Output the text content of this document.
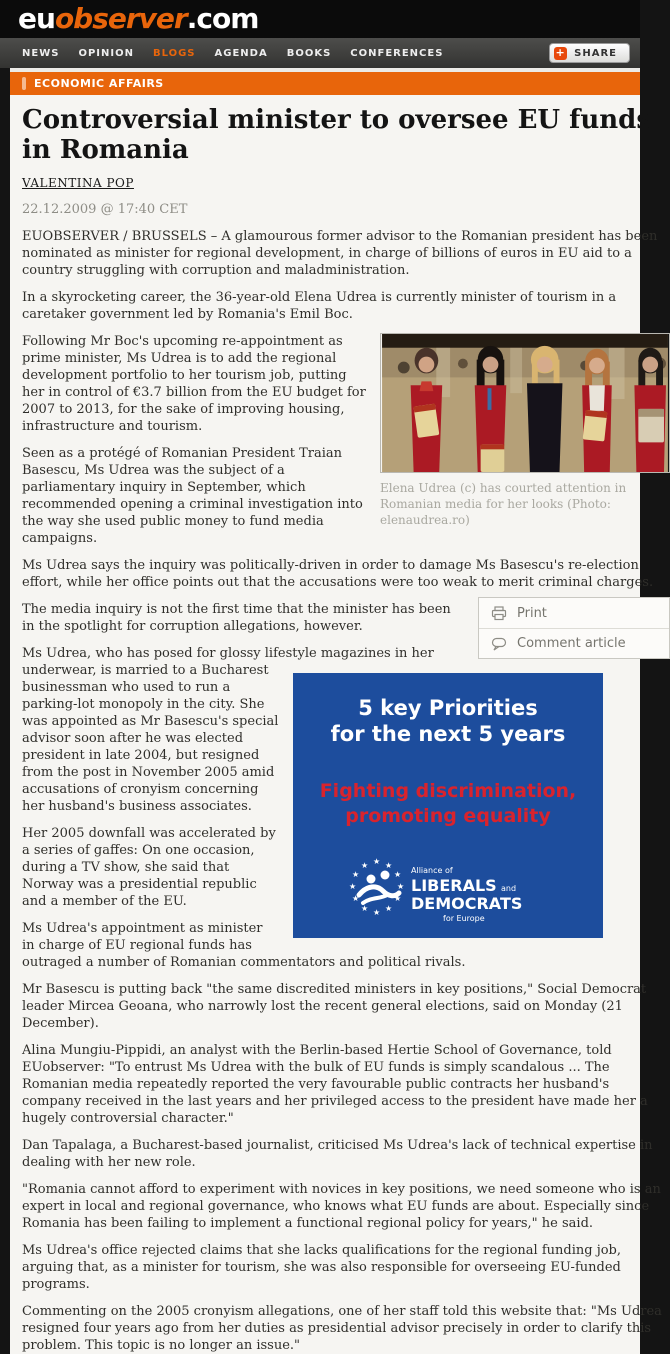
euobserver.com
NEWS OPINION BLOGS AGENDA BOOKS CONFERENCES	+ SHARE
ECONOMIC AFFAIRS
Controversial minister to oversee EU funds in Romania
VALENTINA POP
22.12.2009 @ 17:40 CET

EUOBSERVER / BRUSSELS – A glamourous former advisor to the Romanian president has been nominated as minister for regional development, in charge of billions of euros in EU aid to a country struggling with corruption and maladministration.

In a skyrocketing career, the 36-year-old Elena Udrea is currently minister of tourism in a caretaker government led by Romania's Emil Boc.

Elena Udrea (c) has courted attention in Romanian media for her looks (Photo: elenaudrea.ro)

Following Mr Boc's upcoming re-appointment as prime minister, Ms Udrea is to add the regional development portfolio to her tourism job, putting her in control of €3.7 billion from the EU budget for 2007 to 2013, for the sake of improving housing, infrastructure and tourism.

Seen as a protégé of Romanian President Traian Basescu, Ms Udrea was the subject of a parliamentary inquiry in September, which recommended opening a criminal investigation into the way she used public money to fund media campaigns.

Ms Udrea says the inquiry was politically-driven in order to damage Ms Basescu's re-election effort, while her office points out that the accusations were too weak to merit criminal charges.

Print
Comment article

The media inquiry is not the first time that the minister has been in the spotlight for corruption allegations, however.

5 key Priorities
for the next 5 years
Fighting discrimination,
promoting equality
★ ★
★
★
★
★
★
★
★
★
★
★
Alliance of
LIBERALS and
DEMOCRATS
for Europe

Ms Udrea, who has posed for glossy lifestyle magazines in her underwear, is married to a Bucharest businessman who used to run a parking-lot monopoly in the city. She was appointed as Mr Basescu's special advisor soon after he was elected president in late 2004, but resigned from the post in November 2005 amid accusations of cronyism concerning her husband's business associates.

Her 2005 downfall was accelerated by a series of gaffes: On one occasion, during a TV show, she said that Norway was a presidential republic and a member of the EU.

Ms Udrea's appointment as minister in charge of EU regional funds has outraged a number of Romanian commentators and political rivals.

Mr Basescu is putting back "the same discredited ministers in key positions," Social Democrat leader Mircea Geoana, who narrowly lost the recent general elections, said on Monday (21 December).

Alina Mungiu-Pippidi, an analyst with the Berlin-based Hertie School of Governance, told EUobserver: "To entrust Ms Udrea with the bulk of EU funds is simply scandalous ... The Romanian media repeatedly reported the very favourable public contracts her husband's company received in the last years and her privileged access to the president have made her a hugely controversial character."

Dan Tapalaga, a Bucharest-based journalist, criticised Ms Udrea's lack of technical expertise in dealing with her new role.

"Romania cannot afford to experiment with novices in key positions, we need someone who is an expert in local and regional governance, who knows what EU funds are about. Especially since Romania has been failing to implement a functional regional policy for years," he said.

Ms Udrea's office rejected claims that she lacks qualifications for the regional funding job, arguing that, as a minister for tourism, she was also responsible for overseeing EU-funded programs.

Commenting on the 2005 cronyism allegations, one of her staff told this website that: "Ms Udrea resigned four years ago from her duties as presidential advisor precisely in order to clarify this problem. This topic is no longer an issue."
